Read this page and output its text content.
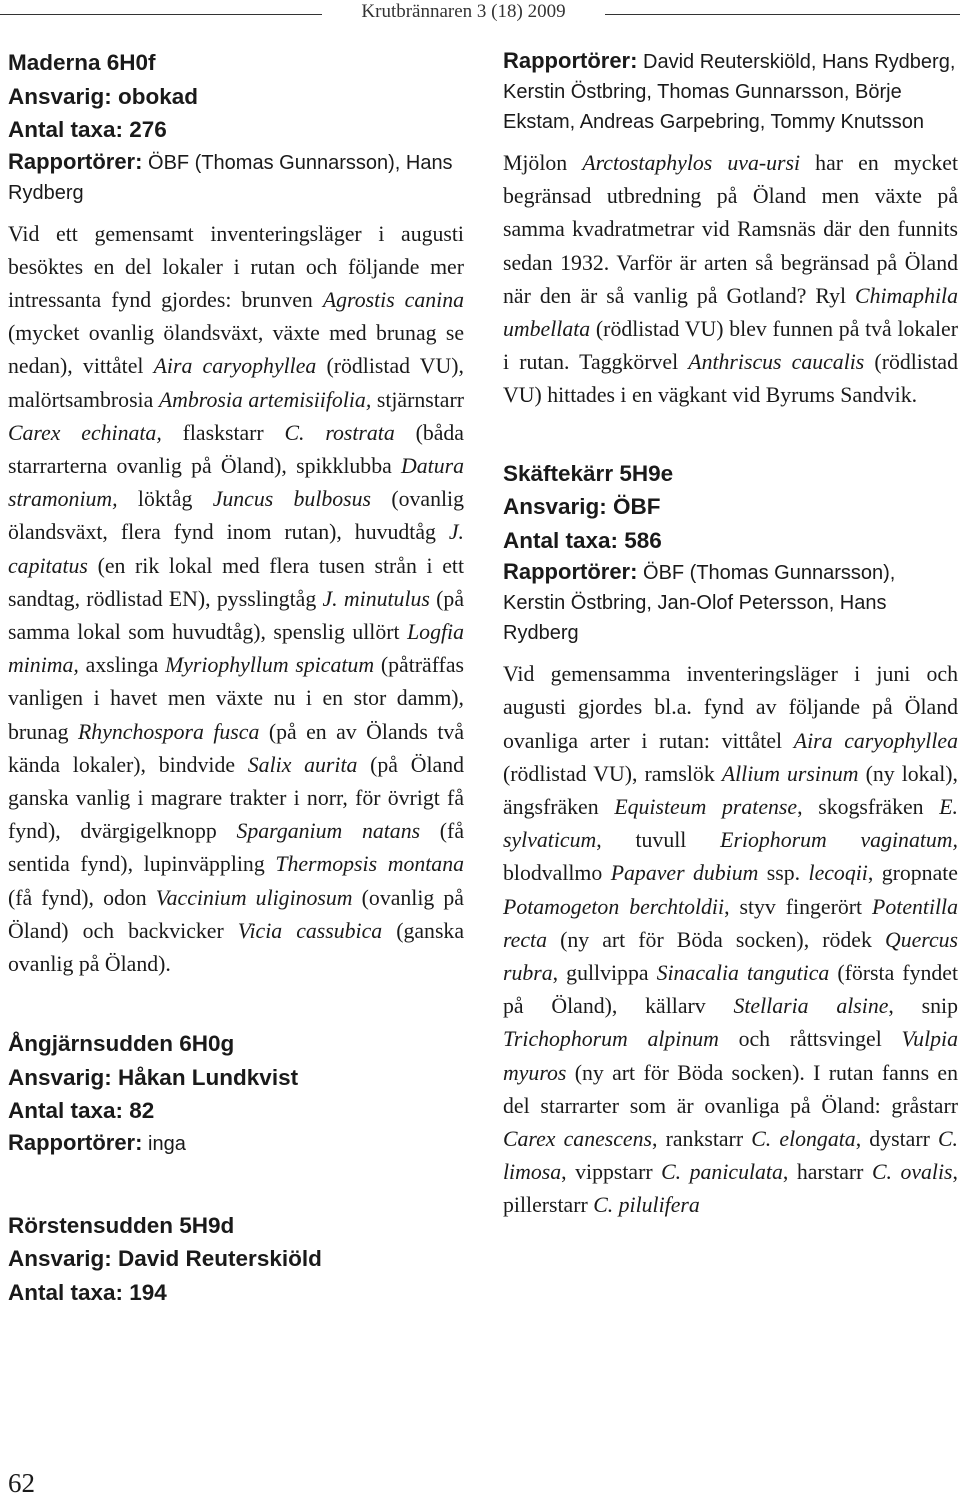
Krutbrännaren 3 (18) 2009

Maderna 6H0f

Ansvarig: obokad

Antal taxa: 276

Rapportörer: ÖBF (Thomas Gunnarsson), Hans Rydberg

Vid ett gemensamt inventeringsläger i augusti besöktes en del lokaler i rutan och följande mer intressanta fynd gjordes: brunven Agrostis canina (mycket ovanlig ölandsväxt, växte med brunag se nedan), vittåtel Aira caryophyllea (rödlistad VU), malörtsambrosia Ambrosia artemisiifolia, stjärnstarr Carex echinata, flaskstarr C. rostrata (båda starrarterna ovanlig på Öland), spikklubba Datura stramonium, löktåg Juncus bulbosus (ovanlig ölandsväxt, flera fynd inom rutan), huvudtåg J. capitatus (en rik lokal med flera tusen strån i ett sandtag, rödlistad EN), pysslingtåg J. minutulus (på samma lokal som huvudtåg), spenslig ullört Logfia minima, axslinga Myriophyllum spicatum (påträffas vanligen i havet men växte nu i en stor damm), brunag Rhynchospora fusca (på en av Ölands två kända lokaler), bindvide Salix aurita (på Öland ganska vanlig i magrare trakter i norr, för övrigt få fynd), dvärgigelknopp Sparganium natans (få sentida fynd), lupinväppling Thermopsis montana (få fynd), odon Vaccinium uliginosum (ovanlig på Öland) och backvicker Vicia cassubica (ganska ovanlig på Öland).

Ångjärnsudden 6H0g

Ansvarig: Håkan Lundkvist

Antal taxa: 82

Rapportörer: inga

Rörstensudden 5H9d

Ansvarig: David Reuterskiöld

Antal taxa: 194

Rapportörer: David Reuterskiöld, Hans Rydberg, Kerstin Östbring, Thomas Gunnarsson, Börje Ekstam, Andreas Garpebring, Tommy Knutsson

Mjölon Arctostaphylos uva-ursi har en mycket begränsad utbredning på Öland men växte på samma kvadratmetrar vid Ramsnäs där den funnits sedan 1932. Varför är arten så begränsad på Öland när den är så vanlig på Gotland? Ryl Chimaphila umbellata (rödlistad VU) blev funnen på två lokaler i rutan. Taggkörvel Anthriscus caucalis (rödlistad VU) hittades i en vägkant vid Byrums Sandvik.

Skäftekärr 5H9e

Ansvarig: ÖBF

Antal taxa: 586

Rapportörer: ÖBF (Thomas Gunnarsson), Kerstin Östbring, Jan-Olof Petersson, Hans Rydberg

Vid gemensamma inventeringsläger i juni och augusti gjordes bl.a. fynd av följande på Öland ovanliga arter i rutan: vittåtel Aira caryophyllea (rödlistad VU), ramslök Allium ursinum (ny lokal), ängsfräken Equisteum pratense, skogsfräken E. sylvaticum, tuvull Eriophorum vaginatum, blodvallmo Papaver dubium ssp. lecoqii, gropnate Potamogeton berchtoldii, styv fingerört Potentilla recta (ny art för Böda socken), rödek Quercus rubra, gullvippa Sinacalia tangutica (första fyndet på Öland), källarv Stellaria alsine, snip Trichophorum alpinum och råttsvingel Vulpia myuros (ny art för Böda socken). I rutan fanns en del starrarter som är ovanliga på Öland: gråstarr Carex canescens, rankstarr C. elongata, dystarr C. limosa, vippstarr C. paniculata, harstarr C. ovalis, pillerstarr C. pilulifera

62
